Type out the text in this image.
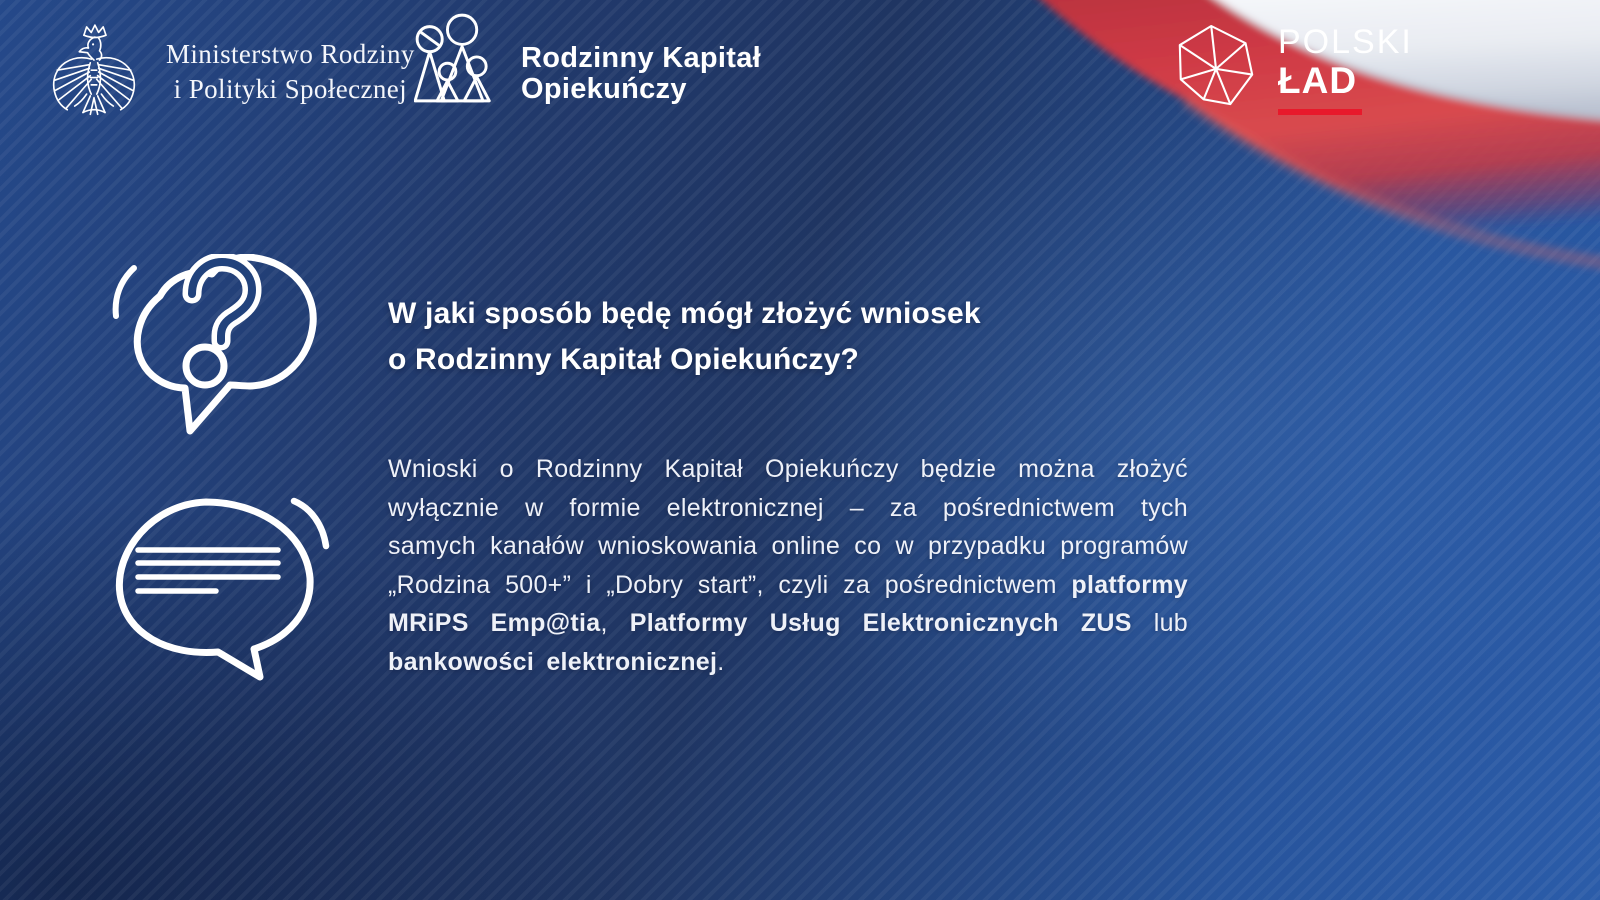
Ministerstwo Rodziny
i Polityki Społecznej
Rodzinny Kapitał
Opiekuńczy
POLSKI
ŁAD
W jaki sposób będę mógł złożyć wniosek
o Rodzinny Kapitał Opiekuńczy?
Wnioski o Rodzinny Kapitał Opiekuńczy będzie można złożyć wyłącznie w formie elektronicznej – za pośrednictwem tych samych kanałów wnioskowania online co w przypadku programów „Rodzina 500+” i „Dobry start”, czyli za pośrednictwem platformy MRiPS Emp@tia, Platformy Usług Elektronicznych ZUS lub bankowości elektronicznej.
